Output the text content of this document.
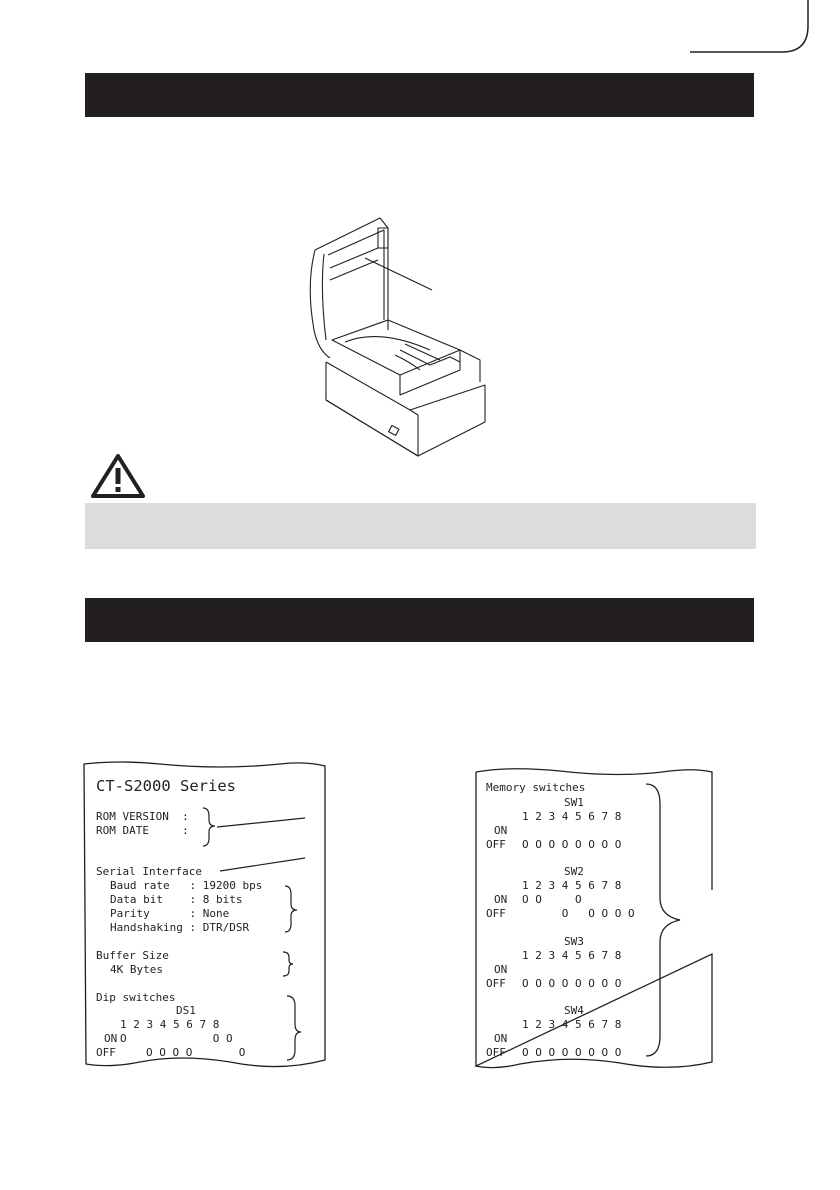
CT-S2000 Series
ROM VERSION  :
ROM DATE     :
Serial Interface
Baud rate   : 19200 bps
Data bit    : 8 bits
Parity      : None
Handshaking : DTR/DSR
Buffer Size
4K Bytes
Dip switches
DS1
1 2 3 4 5 6 7 8
ON O             O O
OFF	O O O O       O
Memory switches
SW1
1 2 3 4 5 6 7 8
ON
OFF O O O O O O O O
SW2
1 2 3 4 5 6 7 8
ON O O     O
OFF O   O O O O
SW3
1 2 3 4 5 6 7 8
ON
OFF O O O O O O O O
SW4
1 2 3 4 5 6 7 8
ON
OFF O O O O O O O O
